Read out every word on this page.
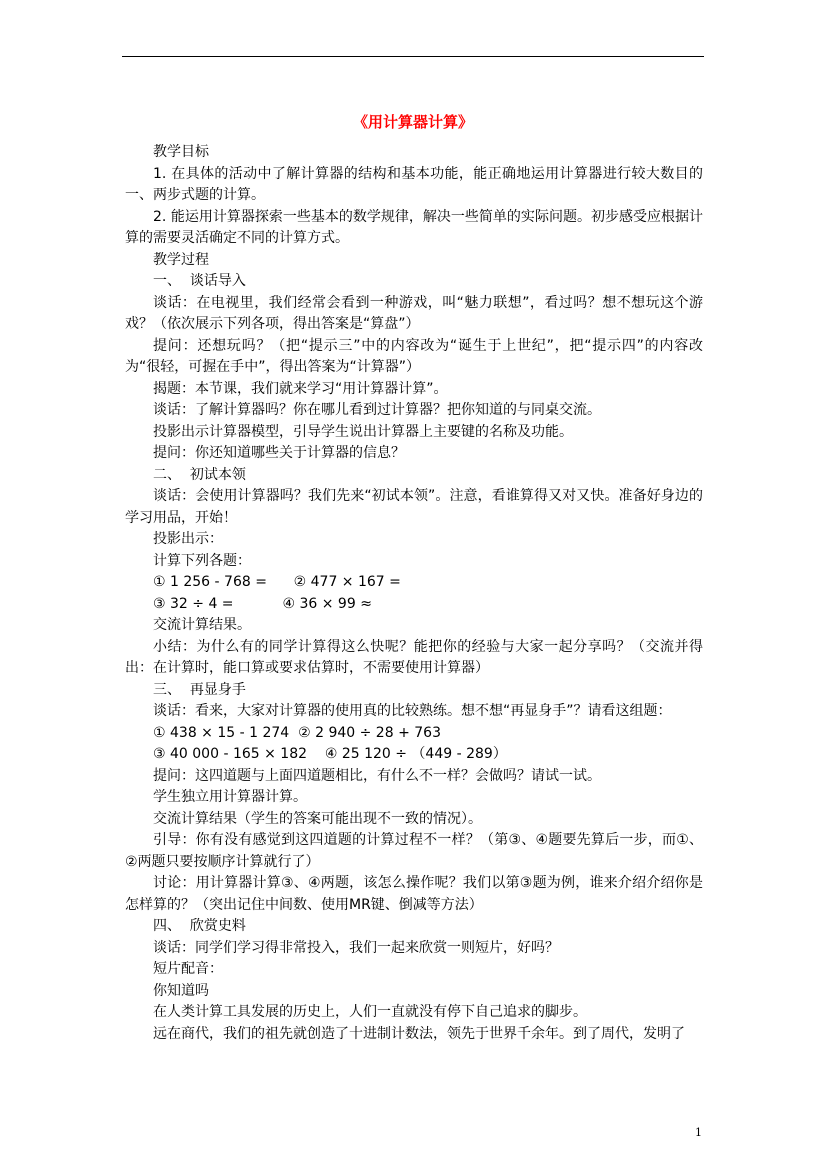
《用计算器计算》

教学目标

1. 在具体的活动中了解计算器的结构和基本功能，能正确地运用计算器进行较大数目的一、两步式题的计算。

2. 能运用计算器探索一些基本的数学规律，解决一些简单的实际问题。初步感受应根据计算的需要灵活确定不同的计算方式。

教学过程

一、  谈话导入

谈话：在电视里，我们经常会看到一种游戏，叫“魅力联想”，看过吗？想不想玩这个游戏？（依次展示下列各项，得出答案是“算盘”）

提问：还想玩吗？（把“提示三”中的内容改为“诞生于上世纪”，把“提示四”的内容改为“很轻，可握在手中”，得出答案为“计算器”）

揭题：本节课，我们就来学习“用计算器计算”。

谈话：了解计算器吗？你在哪儿看到过计算器？把你知道的与同桌交流。

投影出示计算器模型，引导学生说出计算器上主要键的名称及功能。

提问：你还知道哪些关于计算器的信息？

二、  初试本领

谈话：会使用计算器吗？我们先来“初试本领”。注意，看谁算得又对又快。准备好身边的学习用品，开始！

投影出示：

计算下列各题：

① 1 256 - 768 =      ② 477 × 167 =

③ 32 ÷ 4 =           ④ 36 × 99 ≈

交流计算结果。

小结：为什么有的同学计算得这么快呢？能把你的经验与大家一起分享吗？（交流并得出：在计算时，能口算或要求估算时，不需要使用计算器）

三、  再显身手

谈话：看来，大家对计算器的使用真的比较熟练。想不想“再显身手”？请看这组题：

① 438 × 15 - 1 274  ② 2 940 ÷ 28 + 763

③ 40 000 - 165 × 182    ④ 25 120 ÷ （449 - 289）

提问：这四道题与上面四道题相比，有什么不一样？会做吗？请试一试。

学生独立用计算器计算。

交流计算结果（学生的答案可能出现不一致的情况）。

引导：你有没有感觉到这四道题的计算过程不一样？（第③、④题要先算后一步，而①、②两题只要按顺序计算就行了）

讨论：用计算器计算③、④两题，该怎么操作呢？我们以第③题为例，谁来介绍介绍你是怎样算的？（突出记住中间数、使用MR键、倒减等方法）

四、  欣赏史料

谈话：同学们学习得非常投入，我们一起来欣赏一则短片，好吗？

短片配音：

你知道吗

在人类计算工具发展的历史上，人们一直就没有停下自己追求的脚步。

远在商代，我们的祖先就创造了十进制计数法，领先于世界千余年。到了周代，发明了

1
